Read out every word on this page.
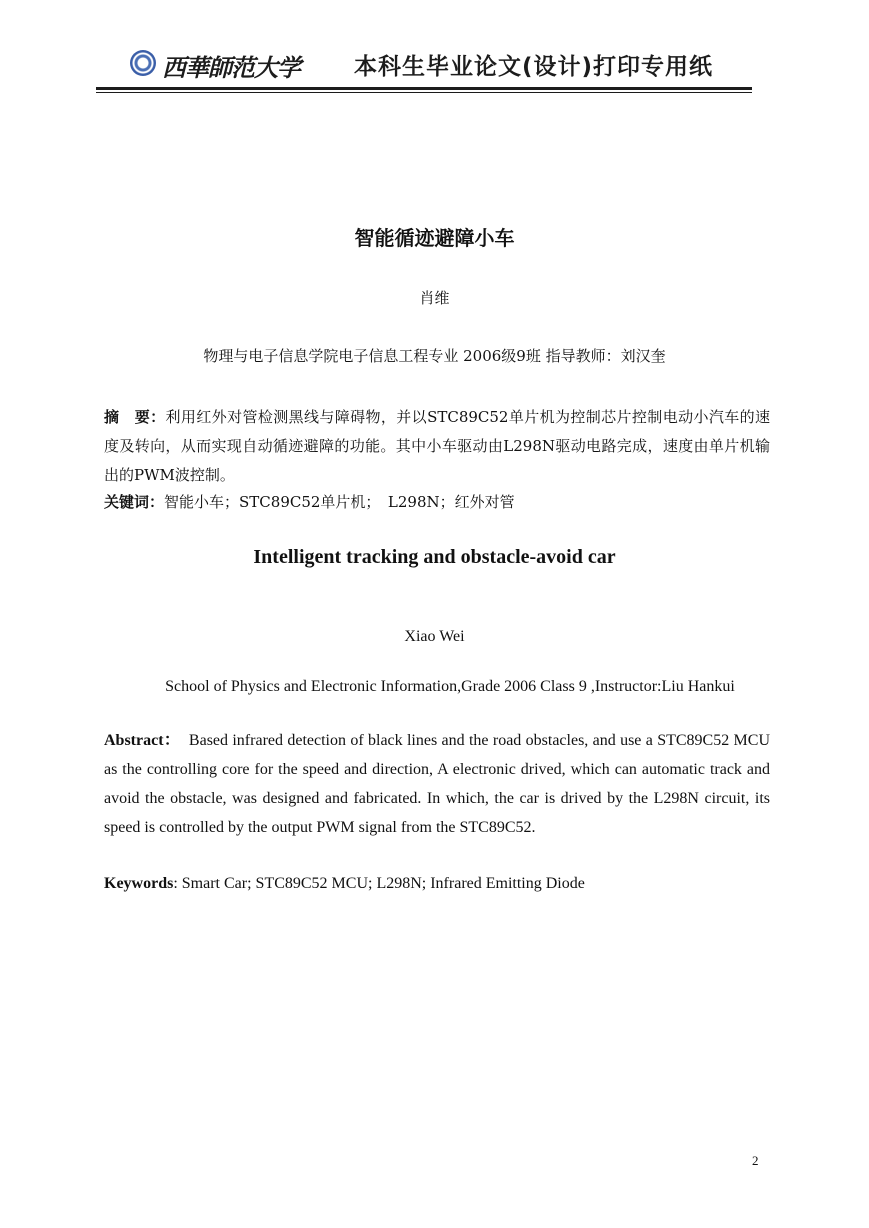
西華師范大学 本科生毕业论文(设计)打印专用纸
智能循迹避障小车
肖维
物理与电子信息学院电子信息工程专业 2006级9班 指导教师：刘汉奎
摘　要：利用红外对管检测黑线与障碍物，并以STC89C52单片机为控制芯片控制电动小汽车的速度及转向，从而实现自动循迹避障的功能。其中小车驱动由L298N驱动电路完成，速度由单片机输出的PWM波控制。
关键词：智能小车；STC89C52单片机；　L298N；红外对管
Intelligent tracking and obstacle-avoid car
Xiao Wei
School of Physics and Electronic Information,Grade 2006 Class 9 ,Instructor:Liu Hankui
Abstract： Based infrared detection of black lines and the road obstacles, and use a STC89C52 MCU as the controlling core for the speed and direction, A electronic drived, which can automatic track and avoid the obstacle, was designed and fabricated. In which, the car is drived by the L298N circuit, its speed is controlled by the output PWM signal from the STC89C52.
Keywords: Smart Car; STC89C52 MCU; L298N; Infrared Emitting Diode
2
